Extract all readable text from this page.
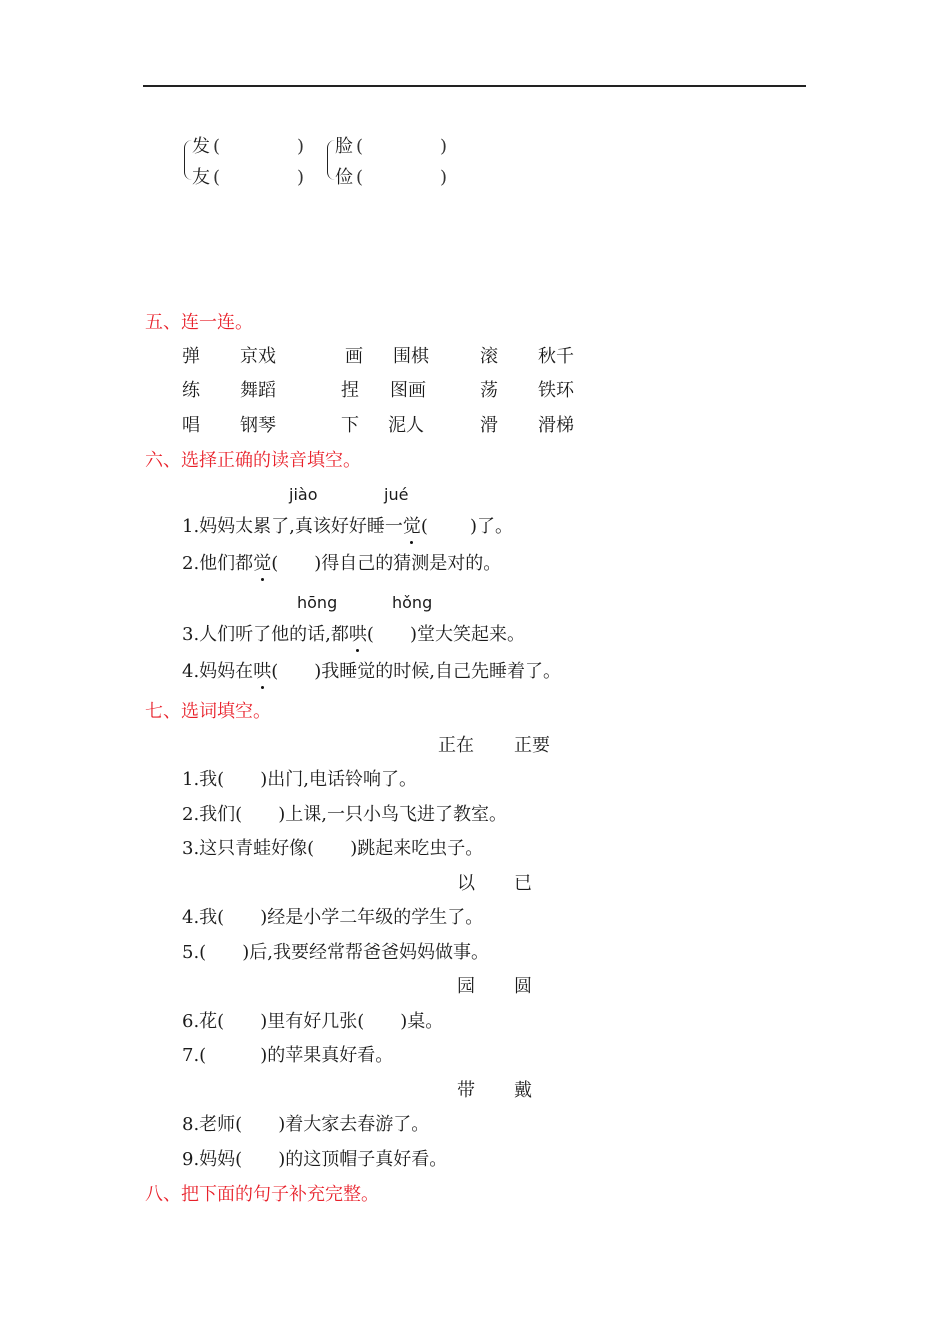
发 (	)
友 (	)
脸 (	)
俭 (	)
五、连一连。
弹 京戏	画 围棋	滚 秋千
练 舞蹈	捏 图画	荡 铁环
唱 钢琴	下 泥人	滑 滑梯
六、选择正确的读音填空。
jiào	jué
1.妈妈太累了,真该好好睡一觉( )了。
2.他们都觉( )得自己的猜测是对的。
hōng	hǒng
3.人们听了他的话,都哄( )堂大笑起来。
4.妈妈在哄( )我睡觉的时候,自己先睡着了。
七、选词填空。
正在 正要
1.我(　　)出门,电话铃响了。
2.我们(　　)上课,一只小鸟飞进了教室。
3.这只青蛙好像(　　)跳起来吃虫子。
以 已
4.我(　　)经是小学二年级的学生了。
5.(　　)后,我要经常帮爸爸妈妈做事。
园 圆
6.花(　　)里有好几张(　　)桌。
7.(　　　)的苹果真好看。
带 戴
8.老师(　　)着大家去春游了。
9.妈妈(　　)的这顶帽子真好看。
八、把下面的句子补充完整。
